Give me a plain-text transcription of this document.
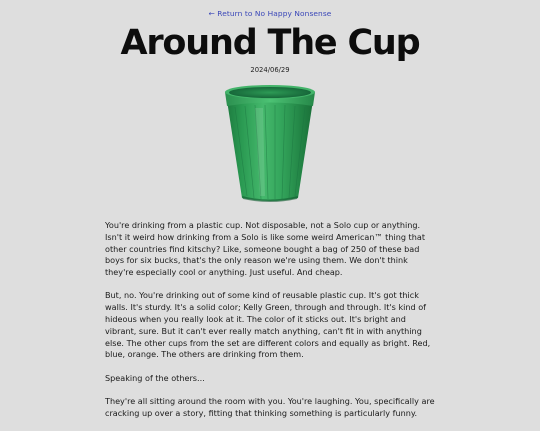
← Return to No Happy Nonsense
Around The Cup
2024/06/29

You're drinking from a plastic cup. Not disposable, not a Solo cup or anything. Isn't it weird how drinking from a Solo is like some weird American™ thing that other countries find kitschy? Like, someone bought a bag of 250 of these bad boys for six bucks, that's the only reason we're using them. We don't think they're especially cool or anything. Just useful. And cheap.

But, no. You're drinking out of some kind of reusable plastic cup. It's got thick walls. It's sturdy. It's a solid color; Kelly Green, through and through. It's kind of hideous when you really look at it. The color of it sticks out. It's bright and vibrant, sure. But it can't ever really match anything, can't fit in with anything else. The other cups from the set are different colors and equally as bright. Red, blue, orange. The others are drinking from them.

Speaking of the others...

They're all sitting around the room with you. You're laughing. You, specifically are cracking up over a story, fitting that thinking something is particularly funny.
